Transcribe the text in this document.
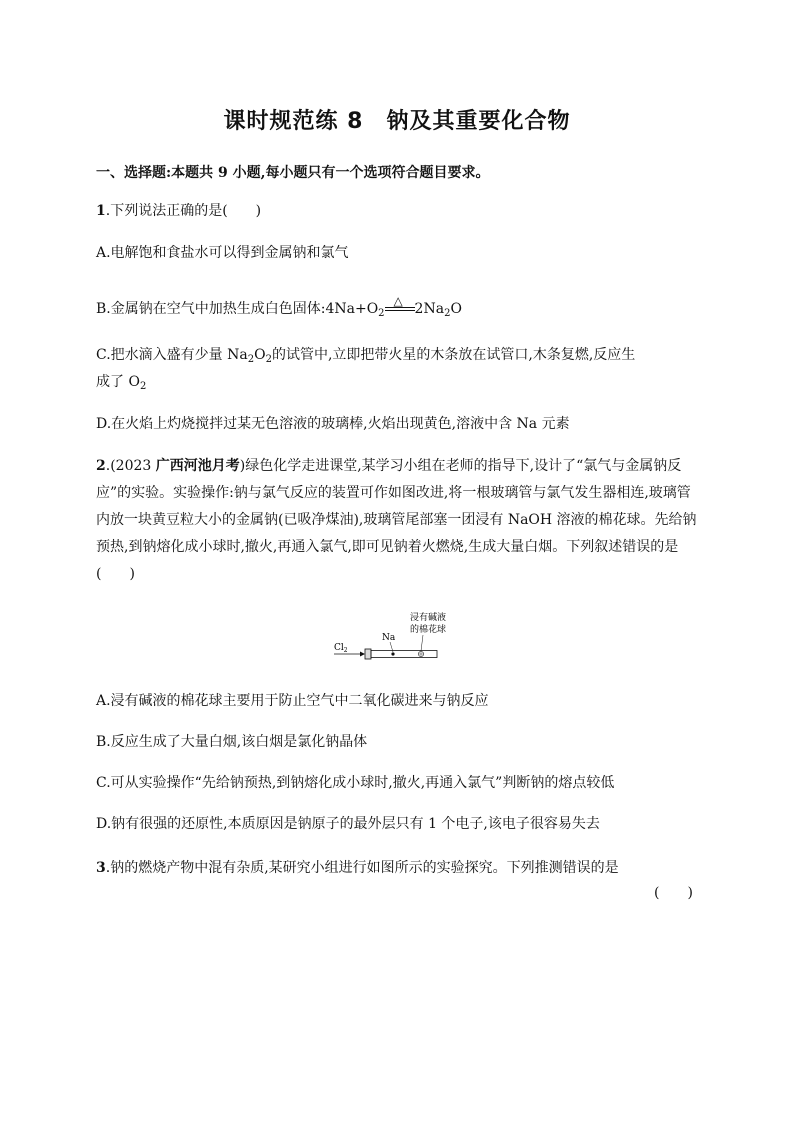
课时规范练 8　钠及其重要化合物
一、选择题:本题共 9 小题,每小题只有一个选项符合题目要求。
1.下列说法正确的是(　　)
A.电解饱和食盐水可以得到金属钠和氯气
B.金属钠在空气中加热生成白色固体$:4Na+O_2$
△ $2Na_2O$
C.把水滴入盛有少量 $Na_2O_2$的试管中,立即把带火星的木条放在试管口,木条复燃,反应生
成了 $O_2$
D.在火焰上灼烧搅拌过某无色溶液的玻璃棒,火焰出现黄色,溶液中含 Na 元素
2.(2023 广西河池月考)绿色化学走进课堂,某学习小组在老师的指导下,设计了“氯气与金属钠反应”的实验。实验操作:钠与氯气反应的装置可作如图改进,将一根玻璃管与氯气发生器相连,玻璃管内放一块黄豆粒大小的金属钠(已吸净煤油),玻璃管尾部塞一团浸有 NaOH 溶液的棉花球。先给钠预热,到钠熔化成小球时,撤火,再通入氯气,即可见钠着火燃烧,生成大量白烟。下列叙述错误的是(　　)
$Cl_2$
Na
浸有碱液
的棉花球
A.浸有碱液的棉花球主要用于防止空气中二氧化碳进来与钠反应
B.反应生成了大量白烟,该白烟是氯化钠晶体
C.可从实验操作“先给钠预热,到钠熔化成小球时,撤火,再通入氯气”判断钠的熔点较低
D.钠有很强的还原性,本质原因是钠原子的最外层只有 1 个电子,该电子很容易失去
3.钠的燃烧产物中混有杂质,某研究小组进行如图所示的实验探究。下列推测错误的是
(　　)
